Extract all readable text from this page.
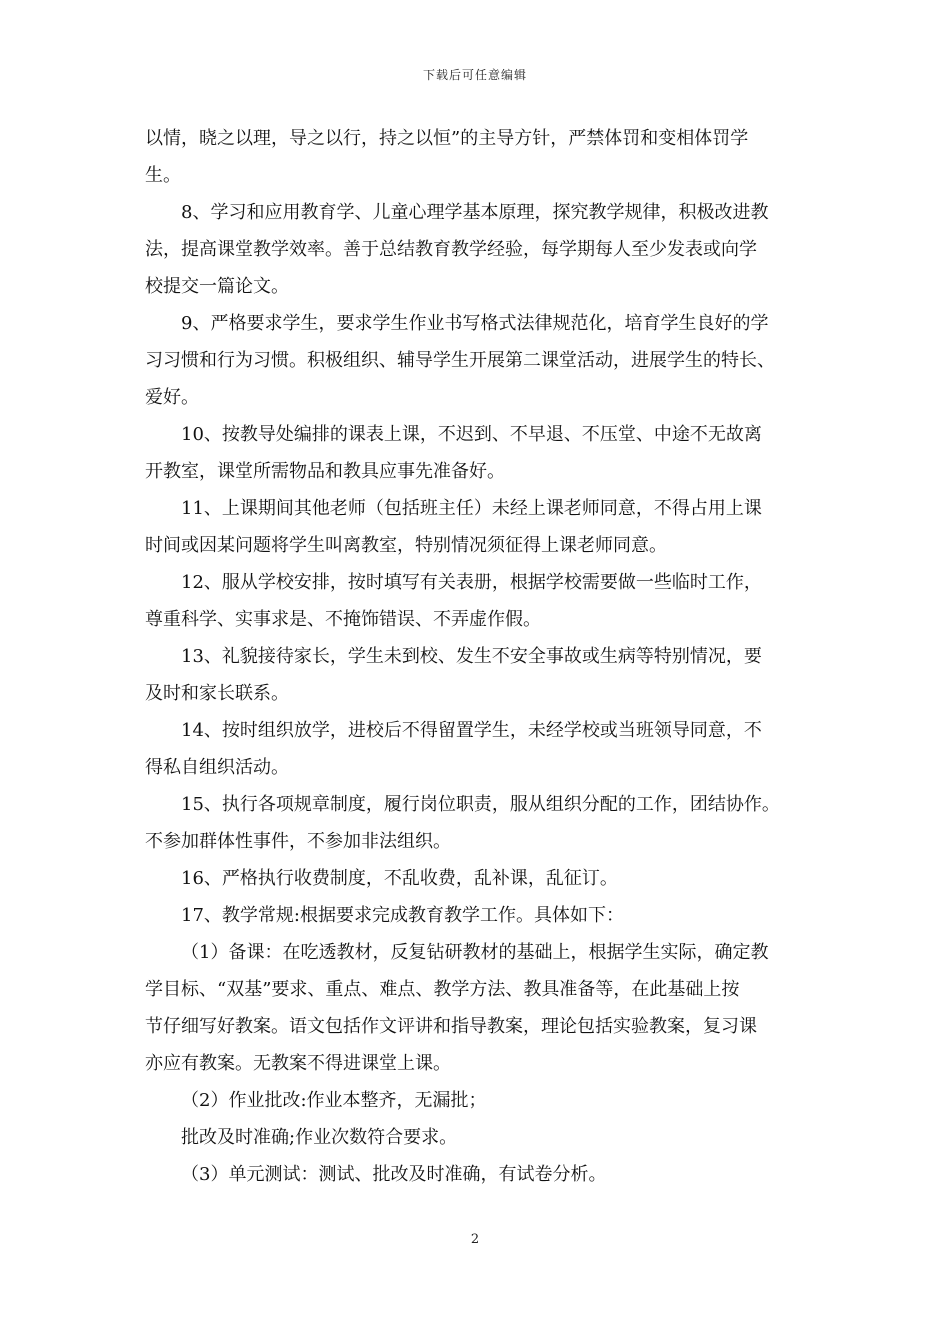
下载后可任意编辑
以情，晓之以理，导之以行，持之以恒”的主导方针，严禁体罚和变相体罚学
生。
8、学习和应用教育学、儿童心理学基本原理，探究教学规律，积极改进教
法，提高课堂教学效率。善于总结教育教学经验，每学期每人至少发表或向学
校提交一篇论文。
9、严格要求学生，要求学生作业书写格式法律规范化，培育学生良好的学
习习惯和行为习惯。积极组织、辅导学生开展第二课堂活动，进展学生的特长、
爱好。
10、按教导处编排的课表上课，不迟到、不早退、不压堂、中途不无故离
开教室，课堂所需物品和教具应事先准备好。
11、上课期间其他老师（包括班主任）未经上课老师同意，不得占用上课
时间或因某问题将学生叫离教室，特别情况须征得上课老师同意。
12、服从学校安排，按时填写有关表册，根据学校需要做一些临时工作，
尊重科学、实事求是、不掩饰错误、不弄虚作假。
13、礼貌接待家长，学生未到校、发生不安全事故或生病等特别情况，要
及时和家长联系。
14、按时组织放学，进校后不得留置学生，未经学校或当班领导同意，不
得私自组织活动。
15、执行各项规章制度，履行岗位职责，服从组织分配的工作，团结协作。
不参加群体性事件，不参加非法组织。
16、严格执行收费制度，不乱收费，乱补课，乱征订。
17、教学常规:根据要求完成教育教学工作。具体如下：
（1）备课：在吃透教材，反复钻研教材的基础上，根据学生实际，确定教
学目标、“双基”要求、重点、难点、教学方法、教具准备等，在此基础上按
节仔细写好教案。语文包括作文评讲和指导教案，理论包括实验教案，复习课
亦应有教案。无教案不得进课堂上课。
（2）作业批改:作业本整齐，无漏批；
批改及时准确;作业次数符合要求。
（3）单元测试：测试、批改及时准确，有试卷分析。
2
